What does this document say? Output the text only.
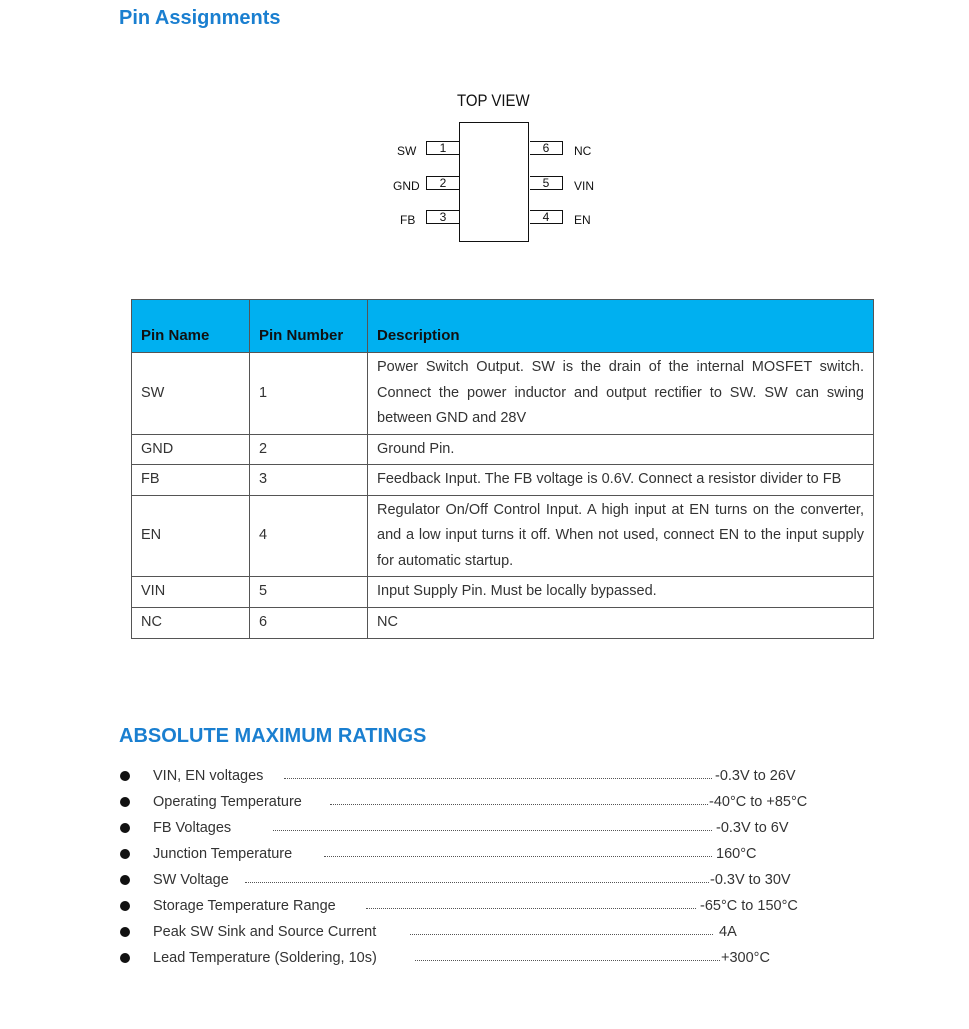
Pin Assignments
TOP VIEW
SW	1
GND	2
FB	3
6	NC
5	VIN
4	EN
Pin Name	Pin Number	Description
SW	1	Power Switch Output. SW is the drain of the internal MOSFET switch. Connect the power inductor and output rectifier to SW. SW can swing between GND and 28V
GND	2	Ground Pin.
FB	3	Feedback Input. The FB voltage is 0.6V. Connect a resistor divider to FB
EN	4	Regulator On/Off Control Input. A high input at EN turns on the converter, and a low input turns it off. When not used, connect EN to the input supply for automatic startup.
VIN	5	Input Supply Pin. Must be locally bypassed.
NC	6	NC
ABSOLUTE MAXIMUM RATINGS
VIN, EN voltages	-0.3V to 26V
Operating Temperature	-40°C to +85°C
FB Voltages	-0.3V to 6V
Junction Temperature	160°C
SW Voltage	-0.3V to 30V
Storage Temperature Range	-65°C to 150°C
Peak SW Sink and Source Current	4A
Lead Temperature (Soldering, 10s)	+300°C
